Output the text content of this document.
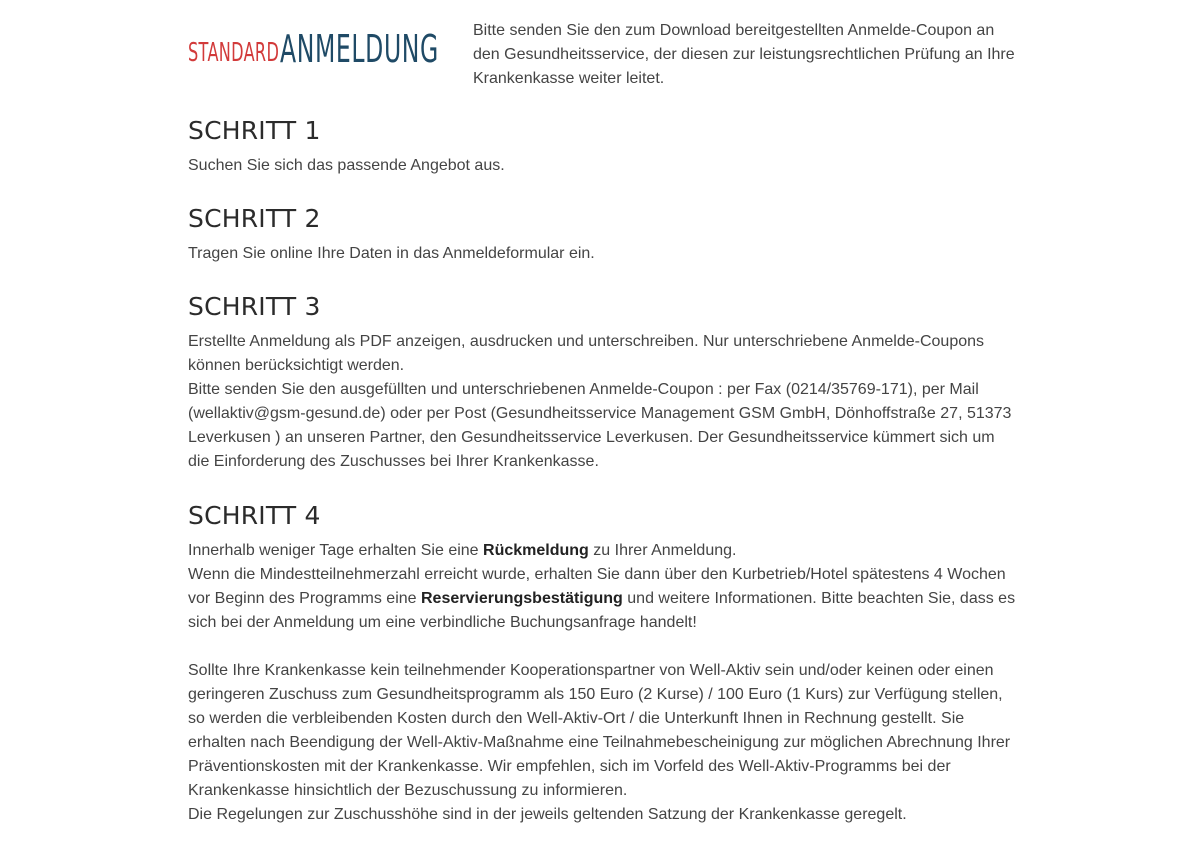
STANDARD ANMELDUNG Bitte senden Sie den zum Download bereitgestellten Anmelde-Coupon an den Gesundheitsservice, der diesen zur leistungsrechtlichen Prüfung an Ihre Krankenkasse weiter leitet.

SCHRITT 1

Suchen Sie sich das passende Angebot aus.

SCHRITT 2

Tragen Sie online Ihre Daten in das Anmeldeformular ein.

SCHRITT 3

Erstellte Anmeldung als PDF anzeigen, ausdrucken und unterschreiben. Nur unterschriebene Anmelde-Coupons können berücksichtigt werden.

Bitte senden Sie den ausgefüllten und unterschriebenen Anmelde-Coupon : per Fax (0214/35769-171), per Mail (wellaktiv@gsm-gesund.de) oder per Post (Gesundheitsservice Management GSM GmbH, Dönhoffstraße 27, 51373 Leverkusen ) an unseren Partner, den Gesundheitsservice Leverkusen. Der Gesundheitsservice kümmert sich um die Einforderung des Zuschusses bei Ihrer Krankenkasse.

SCHRITT 4

Innerhalb weniger Tage erhalten Sie eine Rückmeldung zu Ihrer Anmeldung.

Wenn die Mindestteilnehmerzahl erreicht wurde, erhalten Sie dann über den Kurbetrieb/Hotel spätestens 4 Wochen vor Beginn des Programms eine Reservierungsbestätigung und weitere Informationen. Bitte beachten Sie, dass es sich bei der Anmeldung um eine verbindliche Buchungsanfrage handelt!

Sollte Ihre Krankenkasse kein teilnehmender Kooperationspartner von Well-Aktiv sein und/oder keinen oder einen geringeren Zuschuss zum Gesundheitsprogramm als 150 Euro (2 Kurse) / 100 Euro (1 Kurs) zur Verfügung stellen, so werden die verbleibenden Kosten durch den Well-Aktiv-Ort / die Unterkunft Ihnen in Rechnung gestellt. Sie erhalten nach Beendigung der Well-Aktiv-Maßnahme eine Teilnahmebescheinigung zur möglichen Abrechnung Ihrer Präventionskosten mit der Krankenkasse. Wir empfehlen, sich im Vorfeld des Well-Aktiv-Programms bei der Krankenkasse hinsichtlich der Bezuschussung zu informieren.

Die Regelungen zur Zuschusshöhe sind in der jeweils geltenden Satzung der Krankenkasse geregelt.
